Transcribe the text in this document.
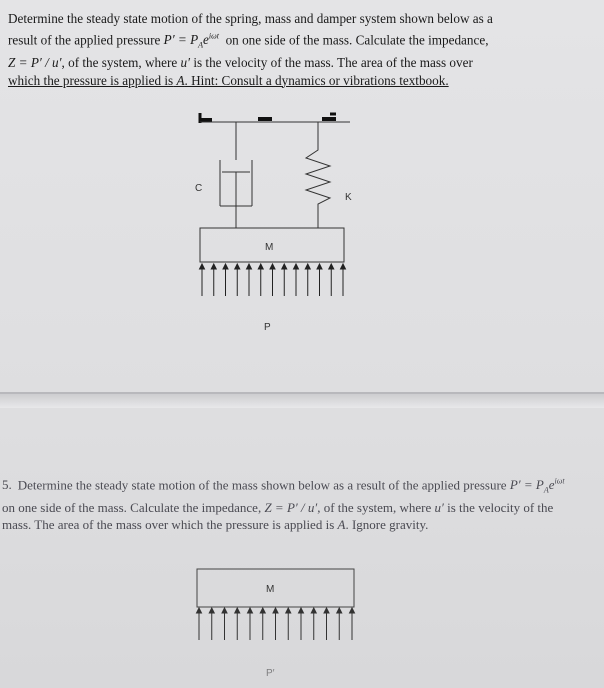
Determine the steady state motion of the spring, mass and damper system shown below as a
result of the applied pressure $P' = P_Ae^{i\omega t}$ on one side of the mass. Calculate the impedance,
Z = P′ / u′, of the system, where u′ is the velocity of the mass. The area of the mass over
which the pressure is applied is A. Hint: Consult a dynamics or vibrations textbook.
C
K
M
P
5. Determine the steady state motion of the mass shown below as a result of the applied pressure $P' = P_Ae^{i\omega t}$ on one side of the mass. Calculate the impedance, Z = P′ / u′, of the system, where u′ is the velocity of the mass. The area of the mass over which the pressure is applied is A. Ignore gravity.
M
P′
